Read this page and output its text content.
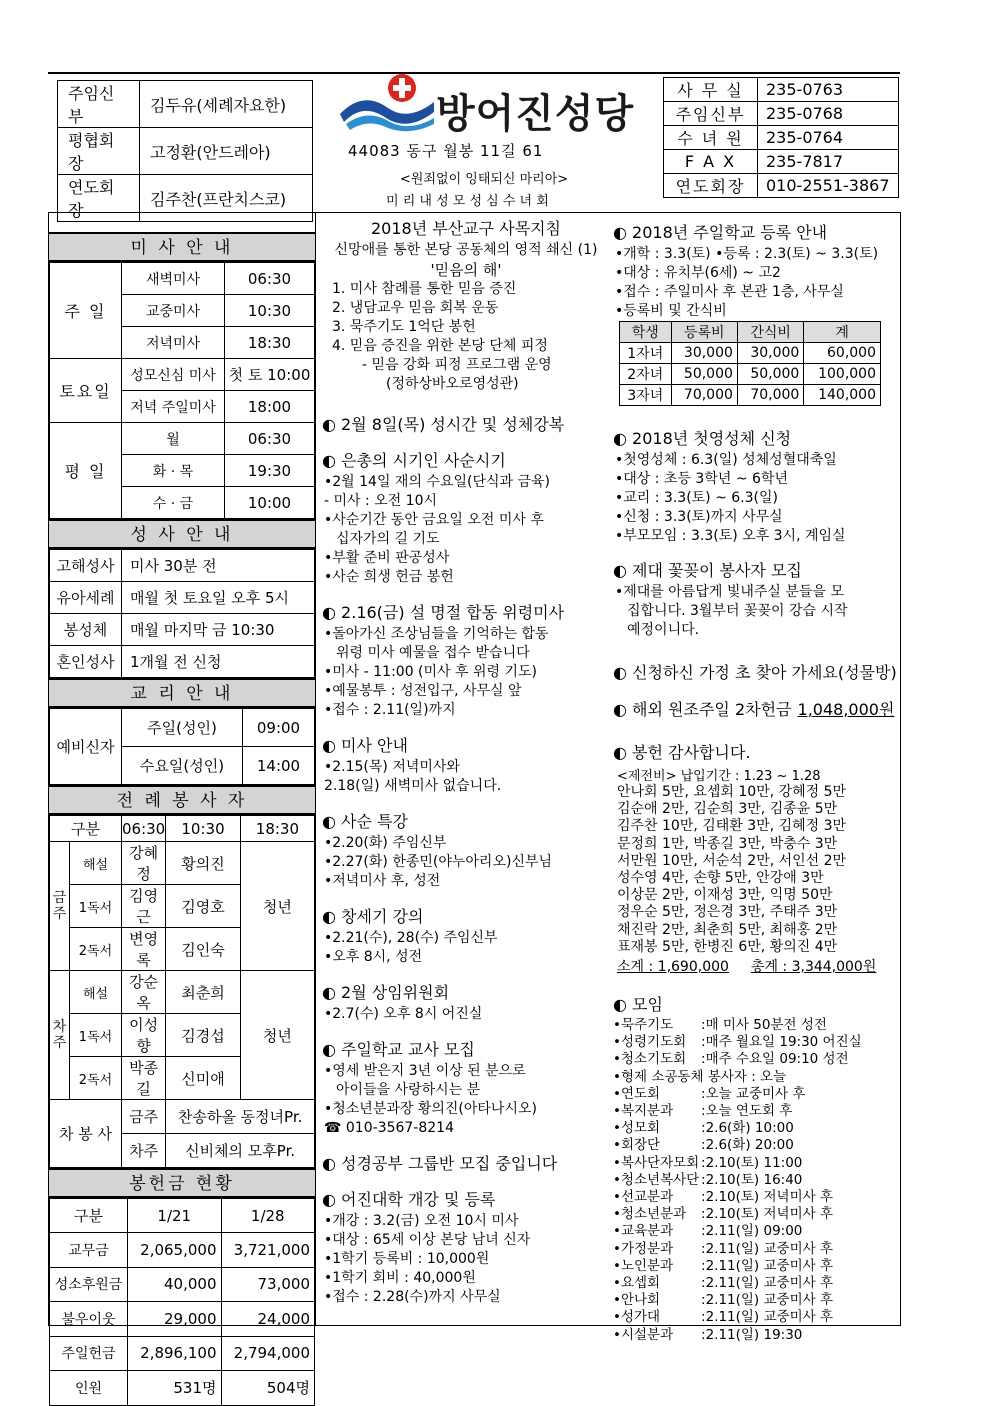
주임신부	김두유(세례자요한)
평협회장	고정환(안드레아)
연도회장	김주찬(프란치스코)
방어진성당
44083 동구 월봉 11길 61
<원죄없이 잉태되신 마리아>
미 리 내 성 모 성 심 수 녀 회
사 무 실	235-0763
주임신부	235-0768
수 녀 원	235-0764
F A X	235-7817
연도회장	010-2551-3867
미 사 안 내
주 일	새벽미사	06:30
	교중미사	10:30
	저녁미사	18:30
토요일	성모신심 미사	첫 토 10:00
	저녁 주일미사	18:00
평 일	월	06:30
	화 · 목	19:30
	수 · 금	10:00
성 사 안 내
고해성사	미사 30분 전
유아세례	매월 첫 토요일 오후 5시
봉성체	매월 마지막 금 10:30
혼인성사	1개월 전 신청
교 리 안 내
예비신자	주일(성인)	09:00
	수요일(성인)	14:00
전 례 봉 사 자
구분		06:30	10:30	18:30
금주	해설	강혜정	황의진	청년
	1독서	김영근	김영호	
	2독서	변영록	김인숙	
차주	해설	강순옥	최춘희	청년
	1독서	이성향	김경섭	
	2독서	박종길	신미애	
차 봉 사		금주	찬송하올 동정녀Pr.	
		차주	신비체의 모후Pr.	
봉헌금 현황
구분	1/21	1/28
교무금	2,065,000	3,721,000
성소후원금	40,000	73,000
불우이웃	29,000	24,000
주일헌금	2,896,100	2,794,000
인원	531명	504명
2018년 부산교구 사목지침
신망애를 통한 본당 공동체의 영적 쇄신 (1)
'믿음의 해'
1. 미사 참례를 통한 믿음 증진
2. 냉담교우 믿음 회복 운동
3. 묵주기도 1억단 봉헌
4. 믿음 증진을 위한 본당 단체 피정
- 믿음 강화 피정 프로그램 운영
(정하상바오로영성관)
◐ 2월 8일(목) 성시간 및 성체강복
◐ 은총의 시기인 사순시기
•2월 14일 재의 수요일(단식과 금육)
- 미사 : 오전 10시
•사순기간 동안 금요일 오전 미사 후
십자가의 길 기도
•부활 준비 판공성사
•사순 희생 헌금 봉헌
◐ 2.16(금) 설 명절 합동 위령미사
•돌아가신 조상님들을 기억하는 합동
위령 미사 예물을 접수 받습니다
•미사 - 11:00 (미사 후 위령 기도)
•예물봉투 : 성전입구, 사무실 앞
•접수 : 2.11(일)까지
◐ 미사 안내
•2.15(목) 저녁미사와
2.18(일) 새벽미사 없습니다.
◐ 사순 특강
•2.20(화) 주임신부
•2.27(화) 한종민(야누아리오)신부님
•저녁미사 후, 성전
◐ 창세기 강의
•2.21(수), 28(수) 주임신부
•오후 8시, 성전
◐ 2월 상임위원회
•2.7(수) 오후 8시 어진실
◐ 주일학교 교사 모집
•영세 받은지 3년 이상 된 분으로
아이들을 사랑하시는 분
•청소년분과장 황의진(아타나시오)
☎ 010-3567-8214
◐ 성경공부 그룹반 모집 중입니다
◐ 어진대학 개강 및 등록
•개강 : 3.2(금) 오전 10시 미사
•대상 : 65세 이상 본당 남녀 신자
•1학기 등록비 : 10,000원
•1학기 회비 : 40,000원
•접수 : 2.28(수)까지 사무실
◐ 2018년 주일학교 등록 안내
•개학 : 3.3(토) •등록 : 2.3(토) ~ 3.3(토)
•대상 : 유치부(6세) ~ 고2
•접수 : 주일미사 후 본관 1층, 사무실
•등록비 및 간식비
학생	등록비	간식비	계
1자녀	30,000	30,000	60,000
2자녀	50,000	50,000	100,000
3자녀	70,000	70,000	140,000
◐ 2018년 첫영성체 신청
•첫영성체 : 6.3(일) 성체성혈대축일
•대상 : 초등 3학년 ~ 6학년
•교리 : 3.3(토) ~ 6.3(일)
•신청 : 3.3(토)까지 사무실
•부모모임 : 3.3(토) 오후 3시, 계임실
◐ 제대 꽃꽂이 봉사자 모집
•제대를 아름답게 빛내주실 분들을 모
집합니다. 3월부터 꽃꽂이 강습 시작
예정이니다.
◐ 신청하신 가정 초 찾아 가세요(성물방)
◐ 해외 원조주일 2차헌금 1,048,000원
◐ 봉헌 감사합니다.
<제전비> 납입기간 : 1.23 ~ 1.28
안나회 5만, 요셉회 10만, 강혜정 5만
김순애 2만, 김순희 3만, 김종윤 5만
김주찬 10만, 김태환 3만, 김혜정 3만
문정희 1만, 박종길 3만, 박충수 3만
서만원 10만, 서순석 2만, 서인선 2만
성수영 4만, 손향 5만, 안강애 3만
이상문 2만, 이재성 3만, 익명 50만
정우순 5만, 정은경 3만, 주태주 3만
채진락 2만, 최춘희 5만, 최해홍 2만
표재봉 5만, 한병진 6만, 황의진 4만
소계 : 1,690,000 총계 : 3,344,000원
◐ 모임
•묵주기도	: 매 미사 50분전 성전
•성령기도회	: 매주 월요일 19:30 어진실
•청소기도회	: 매주 수요일 09:10 성전
•형제 소공동체 봉사자 : 오늘
•연도회	: 오늘 교중미사 후
•복지분과	: 오늘 연도회 후
•성모회	: 2.6(화) 10:00
•회장단	: 2.6(화) 20:00
•복사단자모회 : 2.10(토) 11:00
•청소년복사단 : 2.10(토) 16:40
•선교분과	: 2.10(토) 저녁미사 후
•청소년분과	: 2.10(토) 저녁미사 후
•교육분과	: 2.11(일) 09:00
•가정분과	: 2.11(일) 교중미사 후
•노인분과	: 2.11(일) 교중미사 후
•요셉회	: 2.11(일) 교중미사 후
•안나회	: 2.11(일) 교중미사 후
•성가대	: 2.11(일) 교중미사 후
•시설분과	: 2.11(일) 19:30
